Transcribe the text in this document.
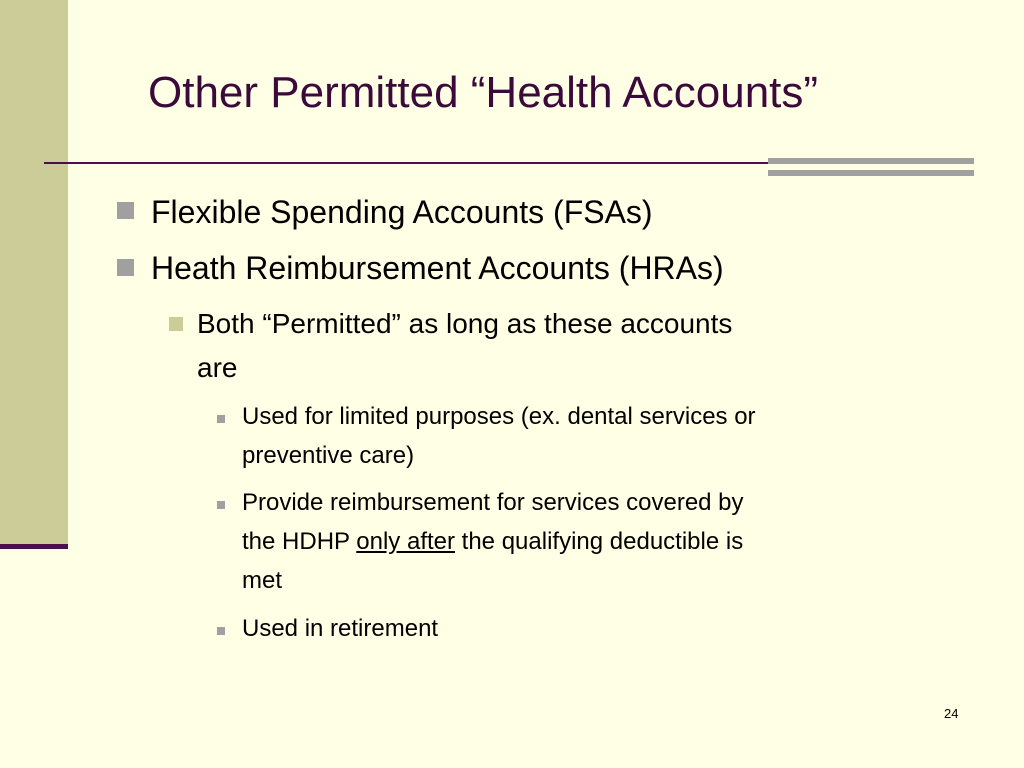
Other Permitted “Health Accounts”
Flexible Spending Accounts (FSAs)
Heath Reimbursement Accounts (HRAs)
Both “Permitted” as long as these accounts
are
Used for limited purposes (ex. dental services or
preventive care)
Provide reimbursement for services covered by
the HDHP only after the qualifying deductible is
met
Used in retirement
24
